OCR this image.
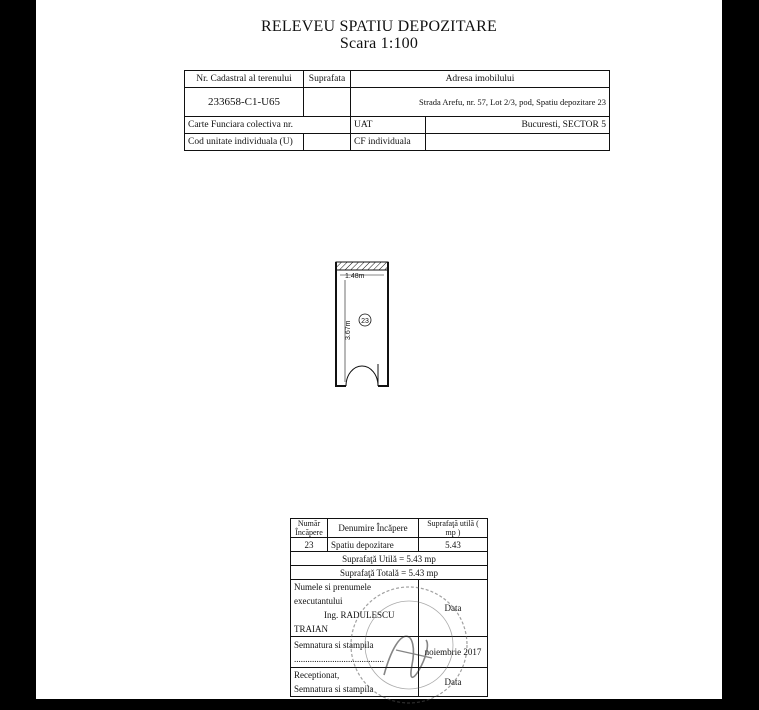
RELEVEU SPATIU DEPOZITARE
Scara 1:100
Nr. Cadastral al terenului	Suprafata	Adresa imobilului	
233658-C1-U65		Strada Arefu, nr. 57, Lot 2/3, pod, Spatiu depozitare 23	
Carte Funciara colectiva nr.		UAT	Bucuresti, SECTOR 5
Cod unitate individuala (U)		CF individuala	
1.48m
3.67m 23
Număr Încăpere	Denumire Încăpere	Suprafaţă utilă ( mp )
23	Spatiu depozitare	5.43
Suprafaţă Utilă = 5.43 mp		
Suprafaţă Totală = 5.43 mp		
Numele si prenumele executantului
Ing. RADULESCU TRAIAN		Data
Semnatura si stampila
........................................		noiembrie 2017
Receptionat,
Semnatura si stampila		Data
